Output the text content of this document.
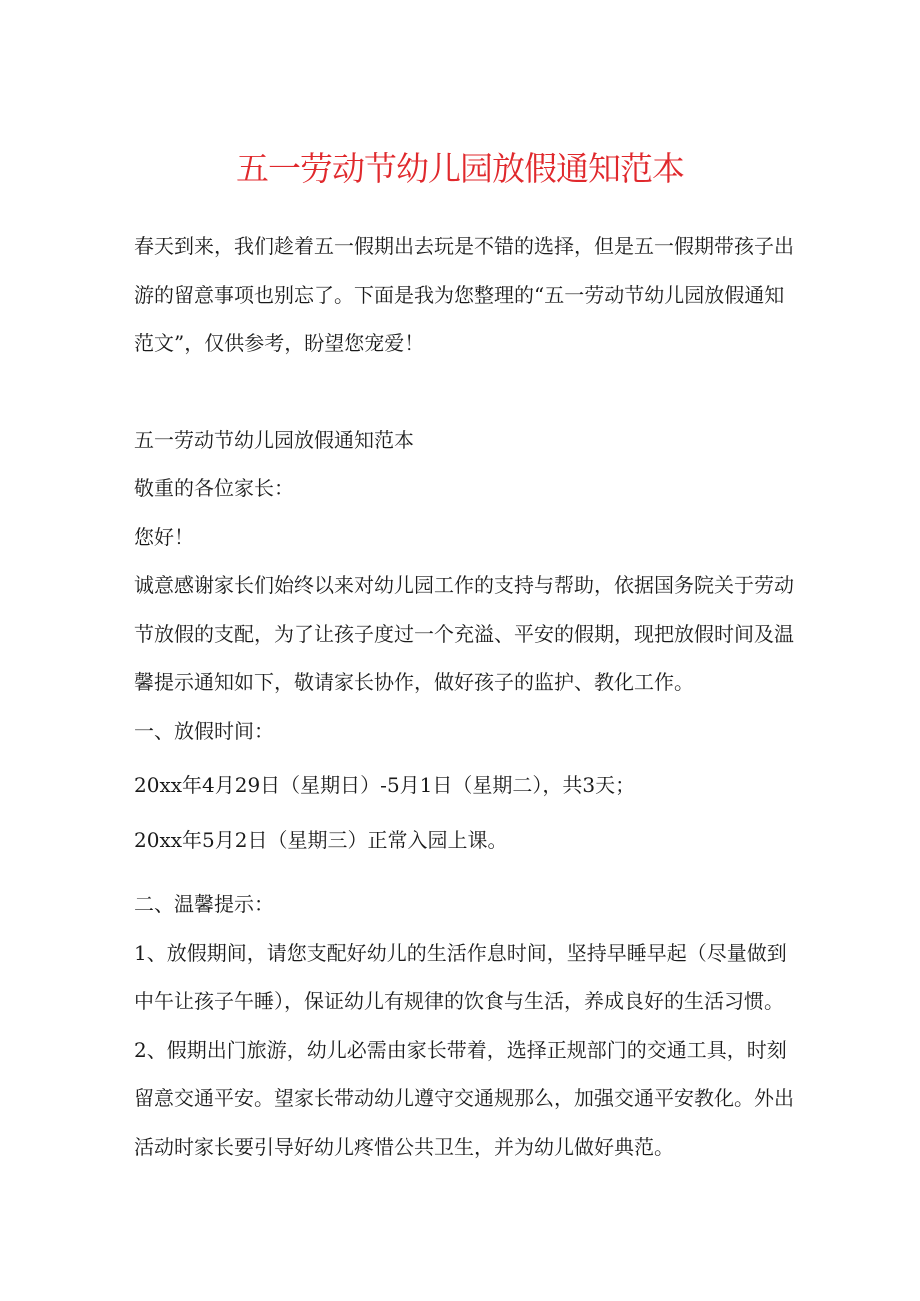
五一劳动节幼儿园放假通知范本

春天到来，我们趁着五一假期出去玩是不错的选择，但是五一假期带孩子出游的留意事项也别忘了。下面是我为您整理的“五一劳动节幼儿园放假通知范文”，仅供参考，盼望您宠爱！

五一劳动节幼儿园放假通知范本

敬重的各位家长：

您好！

诚意感谢家长们始终以来对幼儿园工作的支持与帮助，依据国务院关于劳动节放假的支配，为了让孩子度过一个充溢、平安的假期，现把放假时间及温馨提示通知如下，敬请家长协作，做好孩子的监护、教化工作。

一、放假时间：

20xx年4月29日（星期日）-5月1日（星期二），共3天；

20xx年5月2日（星期三）正常入园上课。

二、温馨提示：

1、放假期间，请您支配好幼儿的生活作息时间，坚持早睡早起（尽量做到中午让孩子午睡），保证幼儿有规律的饮食与生活，养成良好的生活习惯。

2、假期出门旅游，幼儿必需由家长带着，选择正规部门的交通工具，时刻留意交通平安。望家长带动幼儿遵守交通规那么，加强交通平安教化。外出活动时家长要引导好幼儿疼惜公共卫生，并为幼儿做好典范。
